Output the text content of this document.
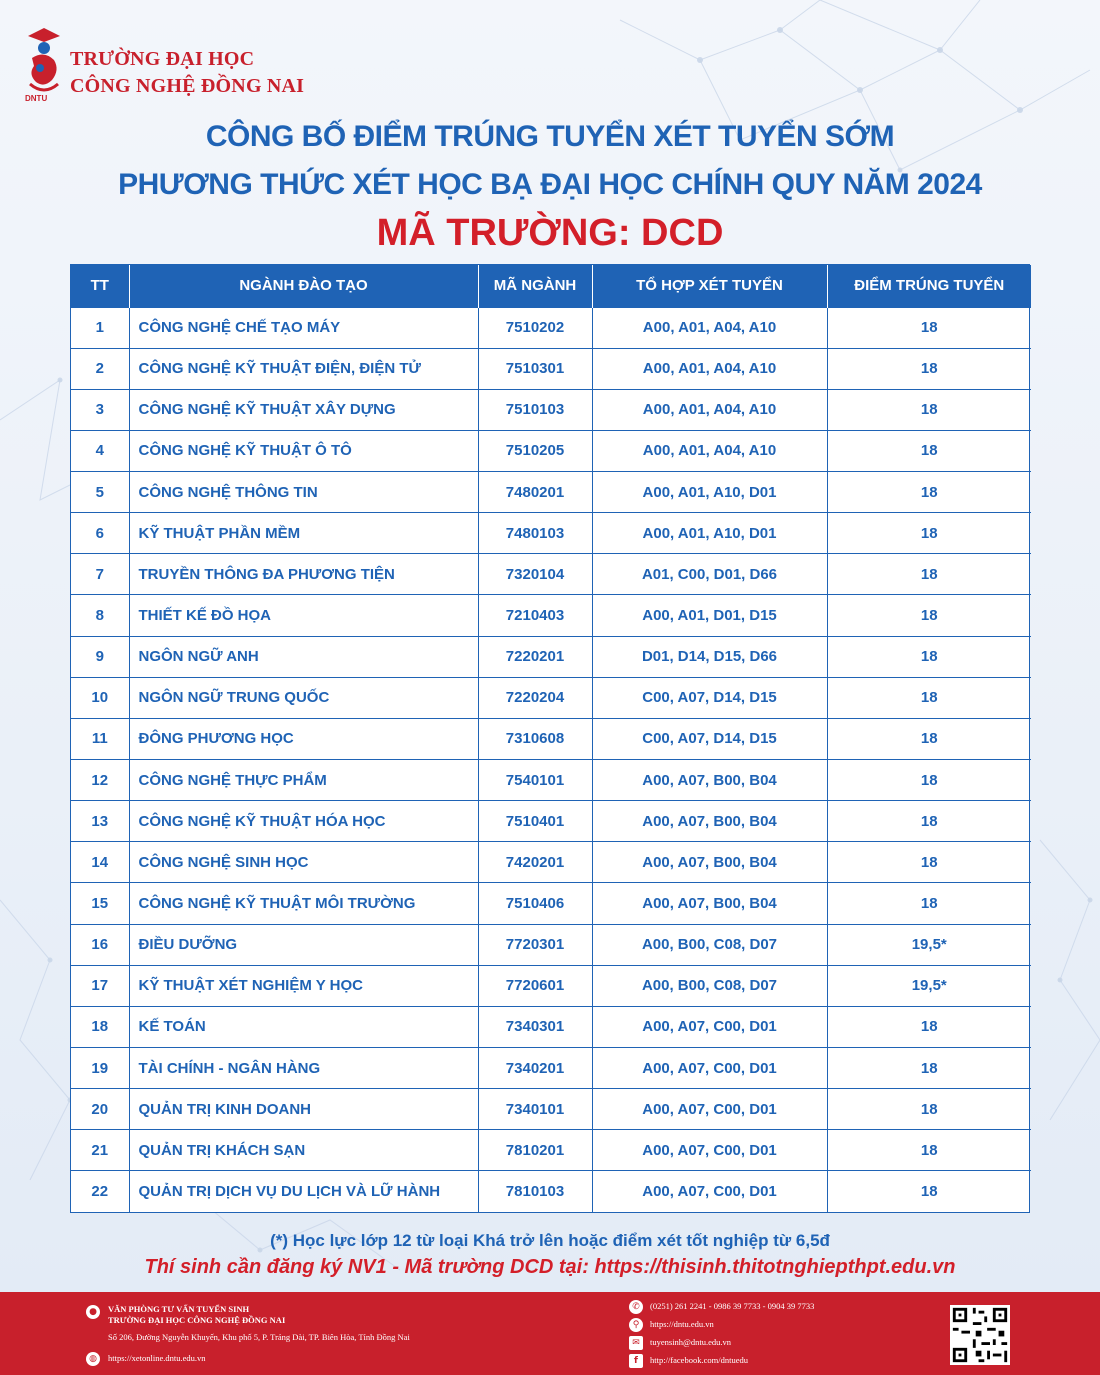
DNTU
TRƯỜNG ĐẠI HỌC
CÔNG NGHỆ ĐỒNG NAI
CÔNG BỐ ĐIỂM TRÚNG TUYỂN XÉT TUYỂN SỚM
PHƯƠNG THỨC XÉT HỌC BẠ ĐẠI HỌC CHÍNH QUY NĂM 2024
MÃ TRƯỜNG: DCD
TT	NGÀNH ĐÀO TẠO	MÃ NGÀNH	TỔ HỢP XÉT TUYỂN	ĐIỂM TRÚNG TUYỂN
1	CÔNG NGHỆ CHẾ TẠO MÁY	7510202	A00, A01, A04, A10	18
2	CÔNG NGHỆ KỸ THUẬT ĐIỆN, ĐIỆN TỬ	7510301	A00, A01, A04, A10	18
3	CÔNG NGHỆ KỸ THUẬT XÂY DỰNG	7510103	A00, A01, A04, A10	18
4	CÔNG NGHỆ KỸ THUẬT Ô TÔ	7510205	A00, A01, A04, A10	18
5	CÔNG NGHỆ THÔNG TIN	7480201	A00, A01, A10, D01	18
6	KỸ THUẬT PHẦN MỀM	7480103	A00, A01, A10, D01	18
7	TRUYỀN THÔNG ĐA PHƯƠNG TIỆN	7320104	A01, C00, D01, D66	18
8	THIẾT KẾ ĐỒ HỌA	7210403	A00, A01, D01, D15	18
9	NGÔN NGỮ ANH	7220201	D01, D14, D15, D66	18
10	NGÔN NGỮ TRUNG QUỐC	7220204	C00, A07, D14, D15	18
11	ĐÔNG PHƯƠNG HỌC	7310608	C00, A07, D14, D15	18
12	CÔNG NGHỆ THỰC PHẨM	7540101	A00, A07, B00, B04	18
13	CÔNG NGHỆ KỸ THUẬT HÓA HỌC	7510401	A00, A07, B00, B04	18
14	CÔNG NGHỆ SINH HỌC	7420201	A00, A07, B00, B04	18
15	CÔNG NGHỆ KỸ THUẬT MÔI TRƯỜNG	7510406	A00, A07, B00, B04	18
16	ĐIỀU DƯỠNG	7720301	A00, B00, C08, D07	19,5*
17	KỸ THUẬT XÉT NGHIỆM Y HỌC	7720601	A00, B00, C08, D07	19,5*
18	KẾ TOÁN	7340301	A00, A07, C00, D01	18
19	TÀI CHÍNH - NGÂN HÀNG	7340201	A00, A07, C00, D01	18
20	QUẢN TRỊ KINH DOANH	7340101	A00, A07, C00, D01	18
21	QUẢN TRỊ KHÁCH SẠN	7810201	A00, A07, C00, D01	18
22	QUẢN TRỊ DỊCH VỤ DU LỊCH VÀ LỮ HÀNH	7810103	A00, A07, C00, D01	18
(*) Học lực lớp 12 từ loại Khá trở lên hoặc điểm xét tốt nghiệp từ 6,5đ
Thí sinh cần đăng ký NV1 - Mã trường DCD tại: https://thisinh.thitotnghiepthpt.edu.vn
●	VĂN PHÒNG TƯ VẤN TUYỂN SINH
TRƯỜNG ĐẠI HỌC CÔNG NGHỆ ĐỒNG NAI
Số 206, Đường Nguyễn Khuyến, Khu phố 5, P. Trảng Dài, TP. Biên Hòa, Tỉnh Đồng Nai
◍	https://xetonline.dntu.edu.vn
✆	(0251) 261 2241 - 0986 39 7733 - 0904 39 7733
⚲	https://dntu.edu.vn
✉	tuyensinh@dntu.edu.vn
f	http://facebook.com/dntuedu
